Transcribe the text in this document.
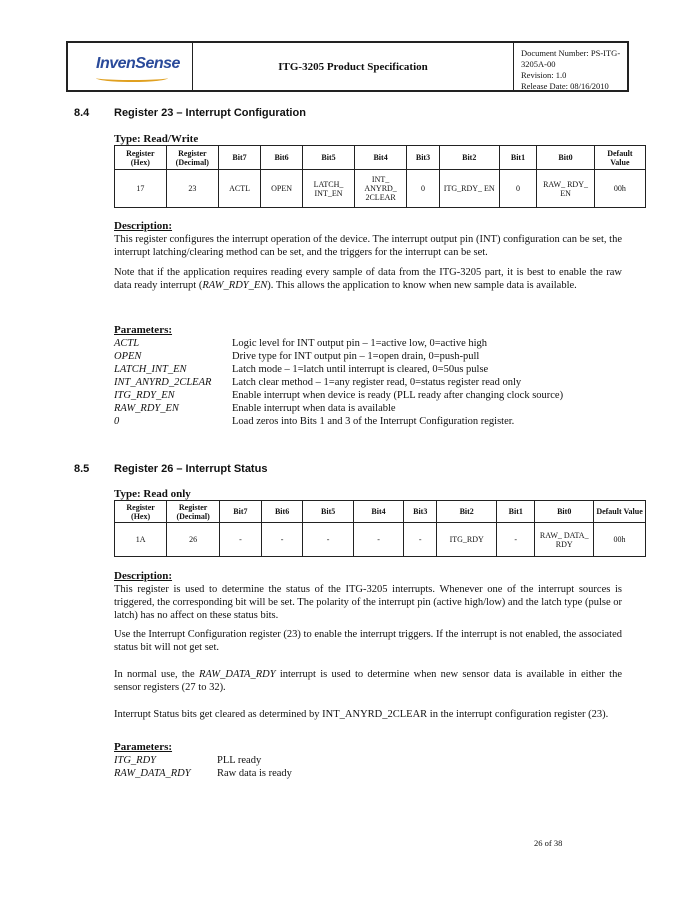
InvenSense	ITG-3205 Product Specification
Document Number: PS-ITG-3205A-00
Revision: 1.0
Release Date: 08/16/2010
8.4 Register 23 – Interrupt Configuration
Type: Read/Write
Register (Hex)	Register (Decimal)	Bit7	Bit6	Bit5	Bit4	Bit3	Bit2	Bit1	Bit0	Default Value
17	23	ACTL	OPEN	LATCH_ INT_EN	INT_ ANYRD_ 2CLEAR	0	ITG_RDY_ EN	0	RAW_ RDY_ EN	00h
Description:

This register configures the interrupt operation of the device. The interrupt output pin (INT) configuration can be set, the interrupt latching/clearing method can be set, and the triggers for the interrupt can be set.

Note that if the application requires reading every sample of data from the ITG-3205 part, it is best to enable the raw data ready interrupt (RAW_RDY_EN). This allows the application to know when new sample data is available.

Parameters:
ACTL	Logic level for INT output pin – 1=active low, 0=active high
OPEN	Drive type for INT output pin – 1=open drain, 0=push-pull
LATCH_INT_EN	Latch mode – 1=latch until interrupt is cleared, 0=50us pulse
INT_ANYRD_2CLEAR	Latch clear method – 1=any register read, 0=status register read only
ITG_RDY_EN	Enable interrupt when device is ready (PLL ready after changing clock source)
RAW_RDY_EN	Enable interrupt when data is available
0	Load zeros into Bits 1 and 3 of the Interrupt Configuration register.
8.5 Register 26 – Interrupt Status
Type: Read only
Register (Hex)	Register (Decimal)	Bit7	Bit6	Bit5	Bit4	Bit3	Bit2	Bit1	Bit0	Default Value
1A	26	-	-	-	-	-	ITG_RDY	-	RAW_ DATA_ RDY	00h
Description:

This register is used to determine the status of the ITG-3205 interrupts. Whenever one of the interrupt sources is triggered, the corresponding bit will be set. The polarity of the interrupt pin (active high/low) and the latch type (pulse or latch) has no affect on these status bits.

Use the Interrupt Configuration register (23) to enable the interrupt triggers. If the interrupt is not enabled, the associated status bit will not get set.

In normal use, the RAW_DATA_RDY interrupt is used to determine when new sensor data is available in either the sensor registers (27 to 32).

Interrupt Status bits get cleared as determined by INT_ANYRD_2CLEAR in the interrupt configuration register (23).

Parameters:
ITG_RDY	PLL ready
RAW_DATA_RDY	Raw data is ready
26 of 38
